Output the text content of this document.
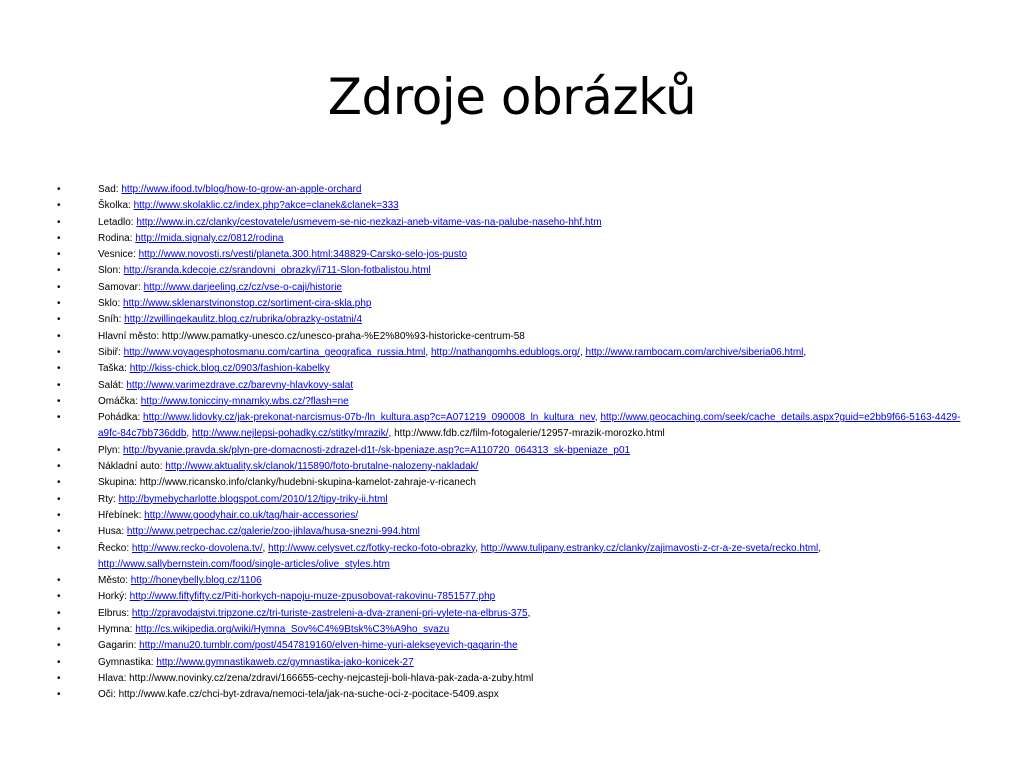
Zdroje obrázků
•	Sad: http://www.ifood.tv/blog/how-to-grow-an-apple-orchard
•	Školka: http://www.skolaklic.cz/index.php?akce=clanek&clanek=333
•	Letadlo: http://www.in.cz/clanky/cestovatele/usmevem-se-nic-nezkazi-aneb-vitame-vas-na-palube-naseho-hhf.htm
•	Rodina: http://mida.signaly.cz/0812/rodina
•	Vesnice: http://www.novosti.rs/vesti/planeta.300.html:348829-Carsko-selo-jos-pusto
•	Slon: http://sranda.kdecoje.cz/srandovni_obrazky/i711-Slon-fotbalistou.html
•	Samovar: http://www.darjeeling.cz/cz/vse-o-caji/historie
•	Sklo: http://www.sklenarstvinonstop.cz/sortiment-cira-skla.php
•	Sníh: http://zwillingekaulitz.blog.cz/rubrika/obrazky-ostatni/4
•	Hlavní město: http://www.pamatky-unesco.cz/unesco-praha-%E2%80%93-historicke-centrum-58
•	Sibiř: http://www.voyagesphotosmanu.com/cartina_geografica_russia.html, http://nathangomhs.edublogs.org/, http://www.rambocam.com/archive/siberia06.html,
•	Taška: http://kiss-chick.blog.cz/0903/fashion-kabelky
•	Salát: http://www.varimezdrave.cz/barevny-hlavkovy-salat
•	Omáčka: http://www.tonicciny-mnamky.wbs.cz/?flash=ne
•	Pohádka: http://www.lidovky.cz/jak-prekonat-narcismus-07b-/ln_kultura.asp?c=A071219_090008_ln_kultura_nev, http://www.geocaching.com/seek/cache_details.aspx?guid=e2bb9f66-5163-4429-a9fc-84c7bb736ddb, http://www.nejlepsi-pohadky.cz/stitky/mrazik/, http://www.fdb.cz/film-fotogalerie/12957-mrazik-morozko.html
•	Plyn: http://byvanie.pravda.sk/plyn-pre-domacnosti-zdrazel-d1t-/sk-bpeniaze.asp?c=A110720_064313_sk-bpeniaze_p01
•	Nákladní auto: http://www.aktuality.sk/clanok/115890/foto-brutalne-nalozeny-nakladak/
•	Skupina: http://www.ricansko.info/clanky/hudebni-skupina-kamelot-zahraje-v-ricanech
•	Rty: http://bymebycharlotte.blogspot.com/2010/12/tipy-triky-ii.html
•	Hřebínek: http://www.goodyhair.co.uk/tag/hair-accessories/
•	Husa: http://www.petrpechac.cz/galerie/zoo-jihlava/husa-snezni-994.html
•	Řecko: http://www.recko-dovolena.tv/, http://www.celysvet.cz/fotky-recko-foto-obrazky, http://www.tulipany.estranky.cz/clanky/zajimavosti-z-cr-a-ze-sveta/recko.html, http://www.sallybernstein.com/food/single-articles/olive_styles.htm
•	Město: http://honeybelly.blog.cz/1106
•	Horký: http://www.fiftyfifty.cz/Piti-horkych-napoju-muze-zpusobovat-rakovinu-7851577.php
•	Elbrus: http://zpravodajstvi.tripzone.cz/tri-turiste-zastreleni-a-dva-zraneni-pri-vylete-na-elbrus-375,
•	Hymna: http://cs.wikipedia.org/wiki/Hymna_Sov%C4%9Btsk%C3%A9ho_svazu
•	Gagarin: http://manu20.tumblr.com/post/4547819160/elven-hime-yuri-alekseyevich-gagarin-the
•	Gymnastika: http://www.gymnastikaweb.cz/gymnastika-jako-konicek-27
•	Hlava: http://www.novinky.cz/zena/zdravi/166655-cechy-nejcasteji-boli-hlava-pak-zada-a-zuby.html
•	Oči: http://www.kafe.cz/chci-byt-zdrava/nemoci-tela/jak-na-suche-oci-z-pocitace-5409.aspx
